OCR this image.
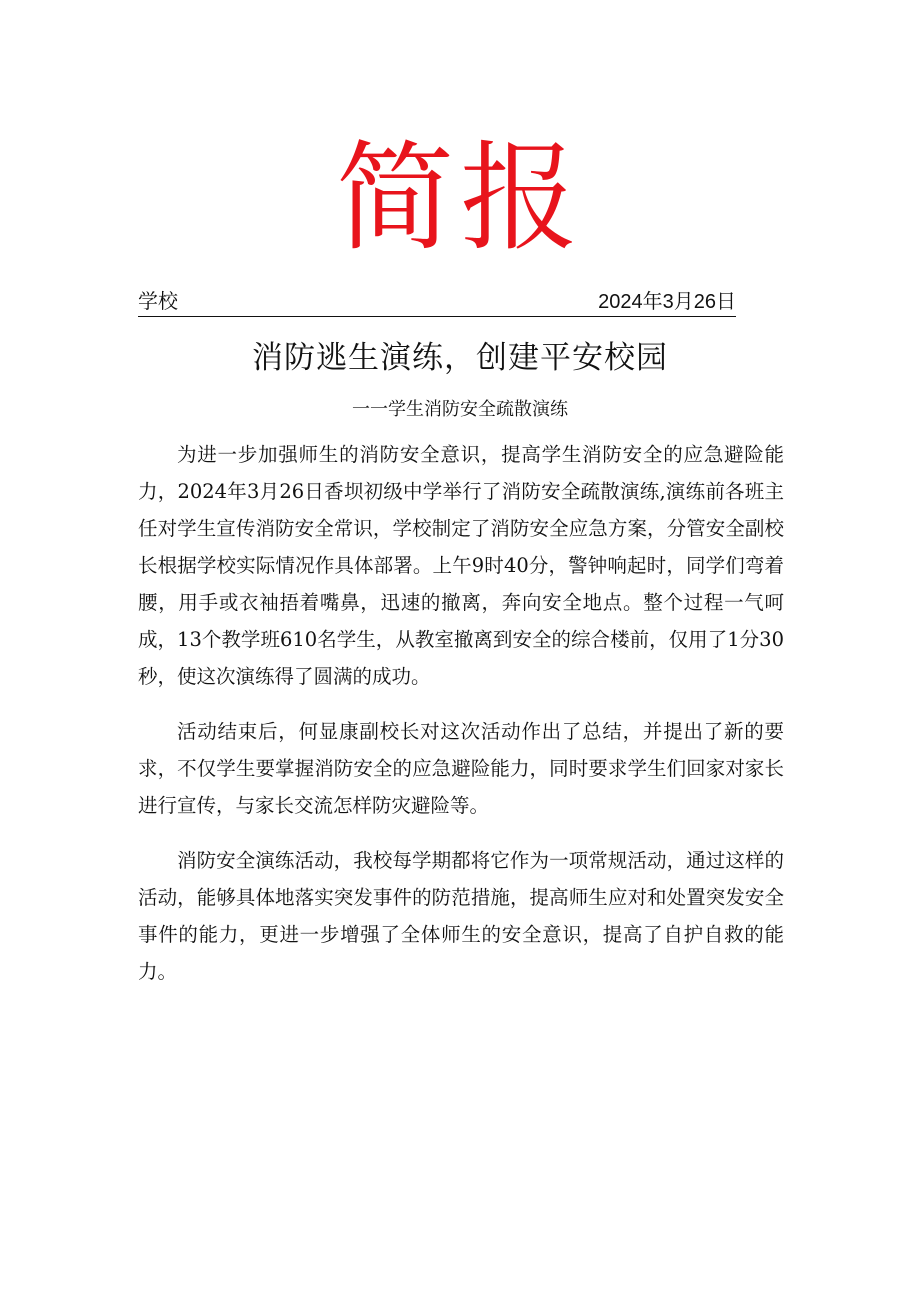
简报
学校	2024年3月26日
消防逃生演练，创建平安校园
一一学生消防安全疏散演练

为进一步加强师生的消防安全意识，提高学生消防安全的应急避险能力，2024年3月26日香坝初级中学举行了消防安全疏散演练,演练前各班主任对学生宣传消防安全常识，学校制定了消防安全应急方案，分管安全副校长根据学校实际情况作具体部署。上午9时40分，警钟响起时，同学们弯着腰，用手或衣袖捂着嘴鼻，迅速的撤离，奔向安全地点。整个过程一气呵成，13个教学班610名学生，从教室撤离到安全的综合楼前，仅用了1分30秒，使这次演练得了圆满的成功。

活动结束后，何显康副校长对这次活动作出了总结，并提出了新的要求，不仅学生要掌握消防安全的应急避险能力，同时要求学生们回家对家长进行宣传，与家长交流怎样防灾避险等。

消防安全演练活动，我校每学期都将它作为一项常规活动，通过这样的活动，能够具体地落实突发事件的防范措施，提高师生应对和处置突发安全事件的能力，更进一步增强了全体师生的安全意识，提高了自护自救的能力。
